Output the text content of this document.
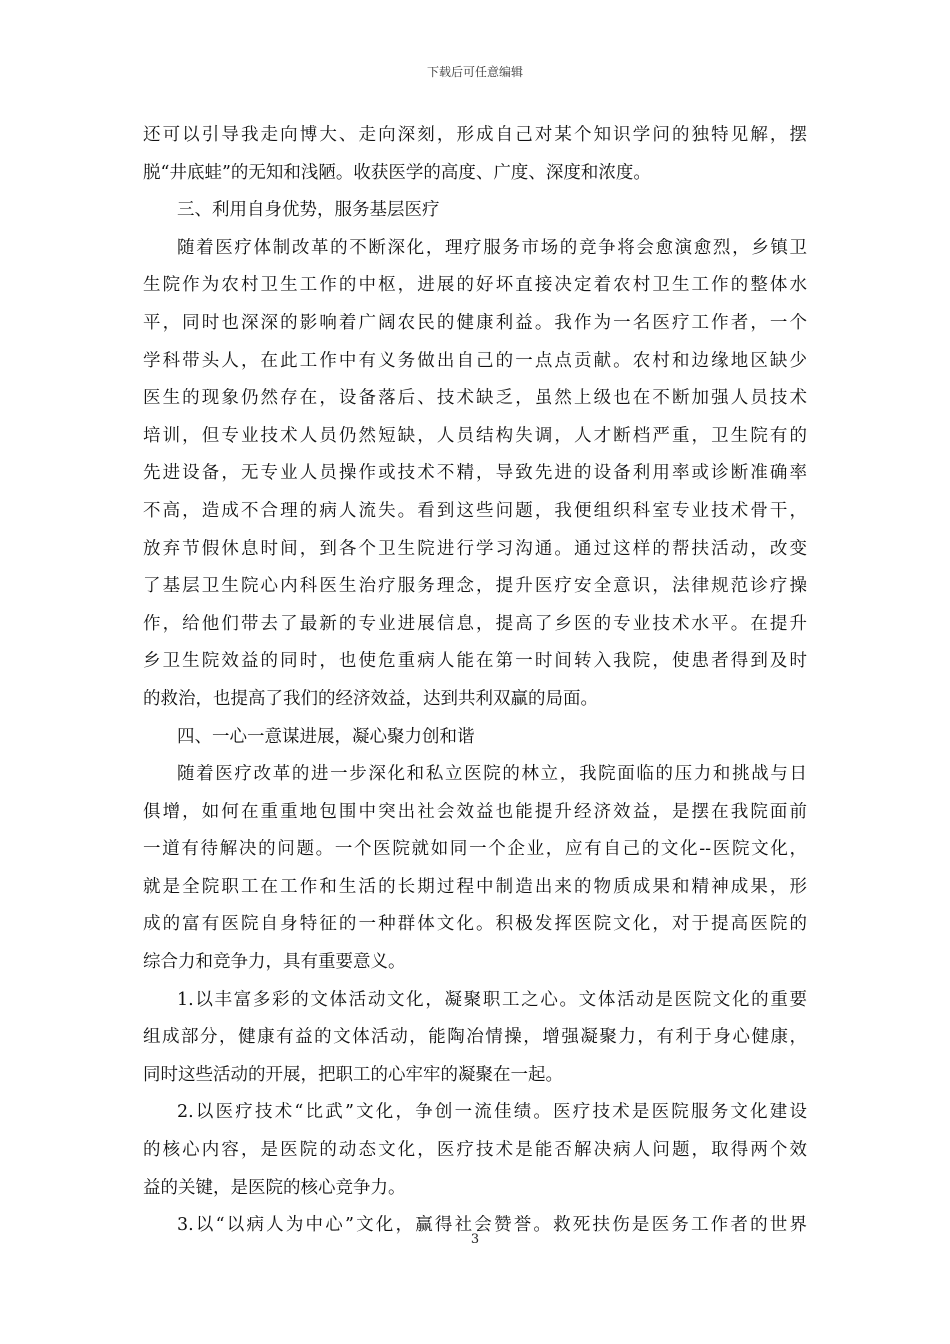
下载后可任意编辑
还可以引导我走向博大、走向深刻，形成自己对某个知识学问的独特见解，摆
脱“井底蛙”的无知和浅陋。收获医学的高度、广度、深度和浓度。
三、利用自身优势，服务基层医疗
随着医疗体制改革的不断深化，理疗服务市场的竞争将会愈演愈烈，乡镇卫
生院作为农村卫生工作的中枢，进展的好坏直接决定着农村卫生工作的整体水
平，同时也深深的影响着广阔农民的健康利益。我作为一名医疗工作者，一个
学科带头人，在此工作中有义务做出自己的一点点贡献。农村和边缘地区缺少
医生的现象仍然存在，设备落后、技术缺乏，虽然上级也在不断加强人员技术
培训，但专业技术人员仍然短缺，人员结构失调，人才断档严重，卫生院有的
先进设备，无专业人员操作或技术不精，导致先进的设备利用率或诊断准确率
不高，造成不合理的病人流失。看到这些问题，我便组织科室专业技术骨干，
放弃节假休息时间，到各个卫生院进行学习沟通。通过这样的帮扶活动，改变
了基层卫生院心内科医生治疗服务理念，提升医疗安全意识，法律规范诊疗操
作，给他们带去了最新的专业进展信息，提高了乡医的专业技术水平。在提升
乡卫生院效益的同时，也使危重病人能在第一时间转入我院，使患者得到及时
的救治，也提高了我们的经济效益，达到共利双赢的局面。
四、一心一意谋进展，凝心聚力创和谐
随着医疗改革的进一步深化和私立医院的林立，我院面临的压力和挑战与日
俱增，如何在重重地包围中突出社会效益也能提升经济效益，是摆在我院面前
一道有待解决的问题。一个医院就如同一个企业，应有自己的文化--医院文化，
就是全院职工在工作和生活的长期过程中制造出来的物质成果和精神成果，形
成的富有医院自身特征的一种群体文化。积极发挥医院文化，对于提高医院的
综合力和竞争力，具有重要意义。
1.以丰富多彩的文体活动文化，凝聚职工之心。文体活动是医院文化的重要
组成部分，健康有益的文体活动，能陶冶情操，增强凝聚力，有利于身心健康，
同时这些活动的开展，把职工的心牢牢的凝聚在一起。
2.以医疗技术“比武”文化，争创一流佳绩。医疗技术是医院服务文化建设
的核心内容，是医院的动态文化，医疗技术是能否解决病人问题，取得两个效
益的关键，是医院的核心竞争力。
3.以“以病人为中心”文化，赢得社会赞誉。救死扶伤是医务工作者的世界
3
